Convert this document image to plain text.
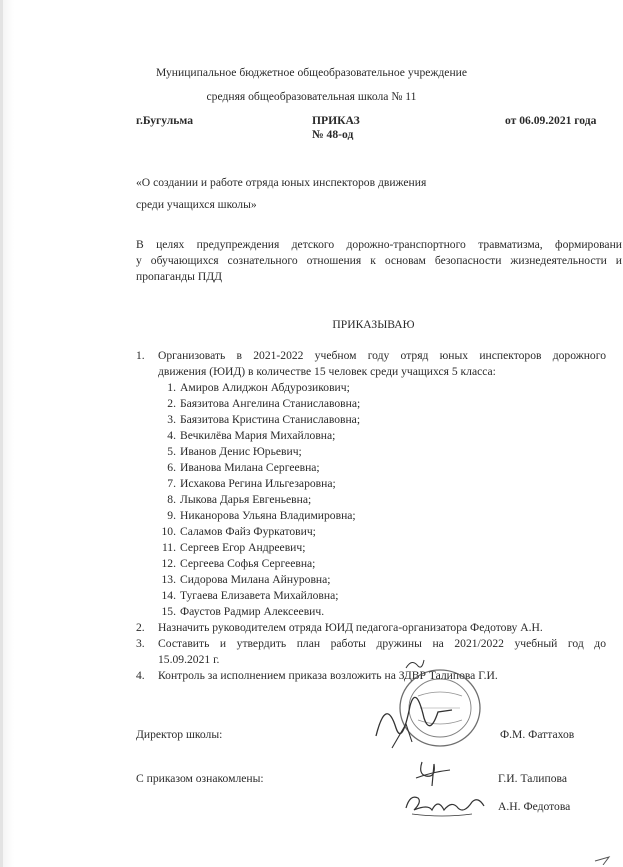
Муниципальное бюджетное общеобразовательное учреждение
средняя общеобразовательная школа № 11
г.Бугульма	ПРИКАЗ
№ 48-од
от 06.09.2021 года
«О создании и работе отряда юных инспекторов движения
среди учащихся школы»
В целях предупреждения детского дорожно-транспортного травматизма, формировани
у обучающихся сознательного отношения к основам безопасности жизнедеятельности и
пропаганды ПДД
ПРИКАЗЫВАЮ
1. Организовать в 2021-2022 учебном году отряд юных инспекторов дорожного
движения (ЮИД) в количестве 15 человек среди учащихся 5 класса:
1. Амиров Алиджон Абдурозикович;
2. Баязитова Ангелина Станиславовна;
3. Баязитова Кристина Станиславовна;
4. Вечкилёва Мария Михайловна;
5. Иванов Денис Юрьевич;
6. Иванова Милана Сергеевна;
7. Исхакова Регина Ильгезаровна;
8. Лыкова Дарья Евгеньевна;
9. Никанорова Ульяна Владимировна;
10. Саламов Файз Фуркатович;
11. Сергеев Егор Андреевич;
12. Сергеева Софья Сергеевна;
13. Сидорова Милана Айнуровна;
14. Тугаева Елизавета Михайловна;
15. Фаустов Радмир Алексеевич.
2. Назначить руководителем отряда ЮИД педагога-организатора Федотову А.Н.
3. Составить и утвердить план работы дружины на 2021/2022 учебный год до
15.09.2021 г.
4. Контроль за исполнением приказа возложить на ЗДВР Талипова Г.И.
Директор школы:	Ф.М. Фаттахов
С приказом ознакомлены:	Г.И. Талипова
А.Н. Федотова
